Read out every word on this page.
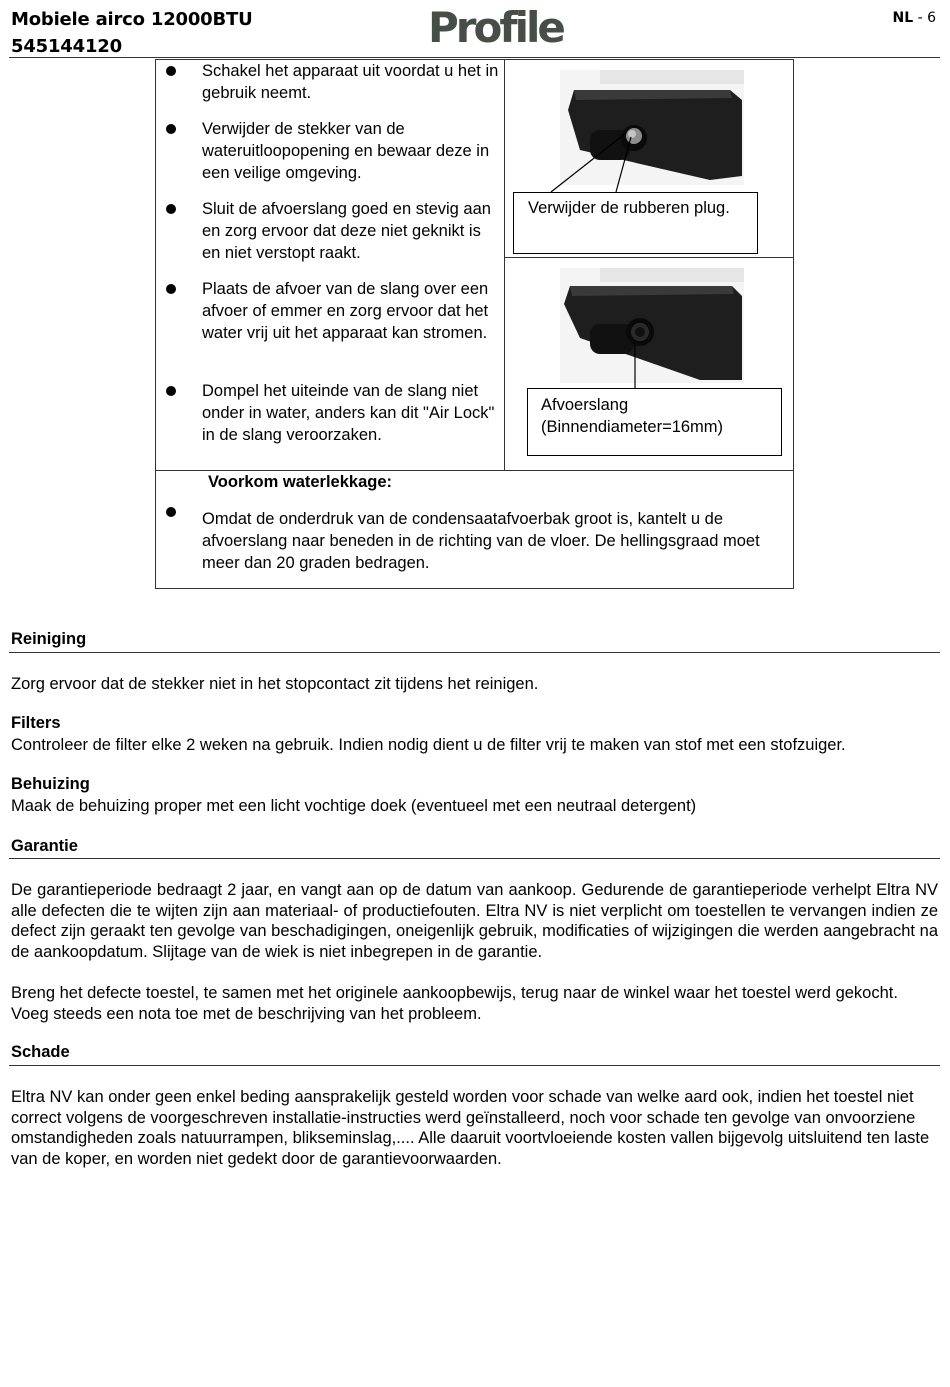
Mobiele airco 12000BTU
545144120	Profile	NL - 6
Schakel het apparaat uit voordat u het in gebruik neemt.
Verwijder de stekker van de wateruitloopopening en bewaar deze in een veilige omgeving.
Sluit de afvoerslang goed en stevig aan en zorg ervoor dat deze niet geknikt is en niet verstopt raakt.
Plaats de afvoer van de slang over een afvoer of emmer en zorg ervoor dat het water vrij uit het apparaat kan stromen.
Dompel het uiteinde van de slang niet onder in water, anders kan dit "Air Lock" in de slang veroorzaken.
Verwijder de rubberen plug.
Afvoerslang
(Binnendiameter=16mm)
Voorkom waterlekkage:
Omdat de onderdruk van de condensaatafvoerbak groot is, kantelt u de afvoerslang naar beneden in de richting van de vloer. De hellingsgraad moet meer dan 20 graden bedragen.
Reiniging
Zorg ervoor dat de stekker niet in het stopcontact zit tijdens het reinigen.
Filters
Controleer de filter elke 2 weken na gebruik. Indien nodig dient u de filter vrij te maken van stof met een stofzuiger.
Behuizing
Maak de behuizing proper met een licht vochtige doek (eventueel met een neutraal detergent)
Garantie
De garantieperiode bedraagt 2 jaar, en vangt aan op de datum van aankoop. Gedurende de garantieperiode verhelpt Eltra NV alle defecten die te wijten zijn aan materiaal- of productiefouten. Eltra NV is niet verplicht om toestellen te vervangen indien ze defect zijn geraakt ten gevolge van beschadigingen, oneigenlijk gebruik, modificaties of wijzigingen die werden aangebracht na de aankoopdatum. Slijtage van de wiek is niet inbegrepen in de garantie.
Breng het defecte toestel, te samen met het originele aankoopbewijs, terug naar de winkel waar het toestel werd gekocht. Voeg steeds een nota toe met de beschrijving van het probleem.
Schade
Eltra NV kan onder geen enkel beding aansprakelijk gesteld worden voor schade van welke aard ook, indien het toestel niet correct volgens de voorgeschreven installatie-instructies werd geïnstalleerd, noch voor schade ten gevolge van onvoorziene omstandigheden zoals natuurrampen, blikseminslag,.... Alle daaruit voortvloeiende kosten vallen bijgevolg uitsluitend ten laste van de koper, en worden niet gedekt door de garantievoorwaarden.
